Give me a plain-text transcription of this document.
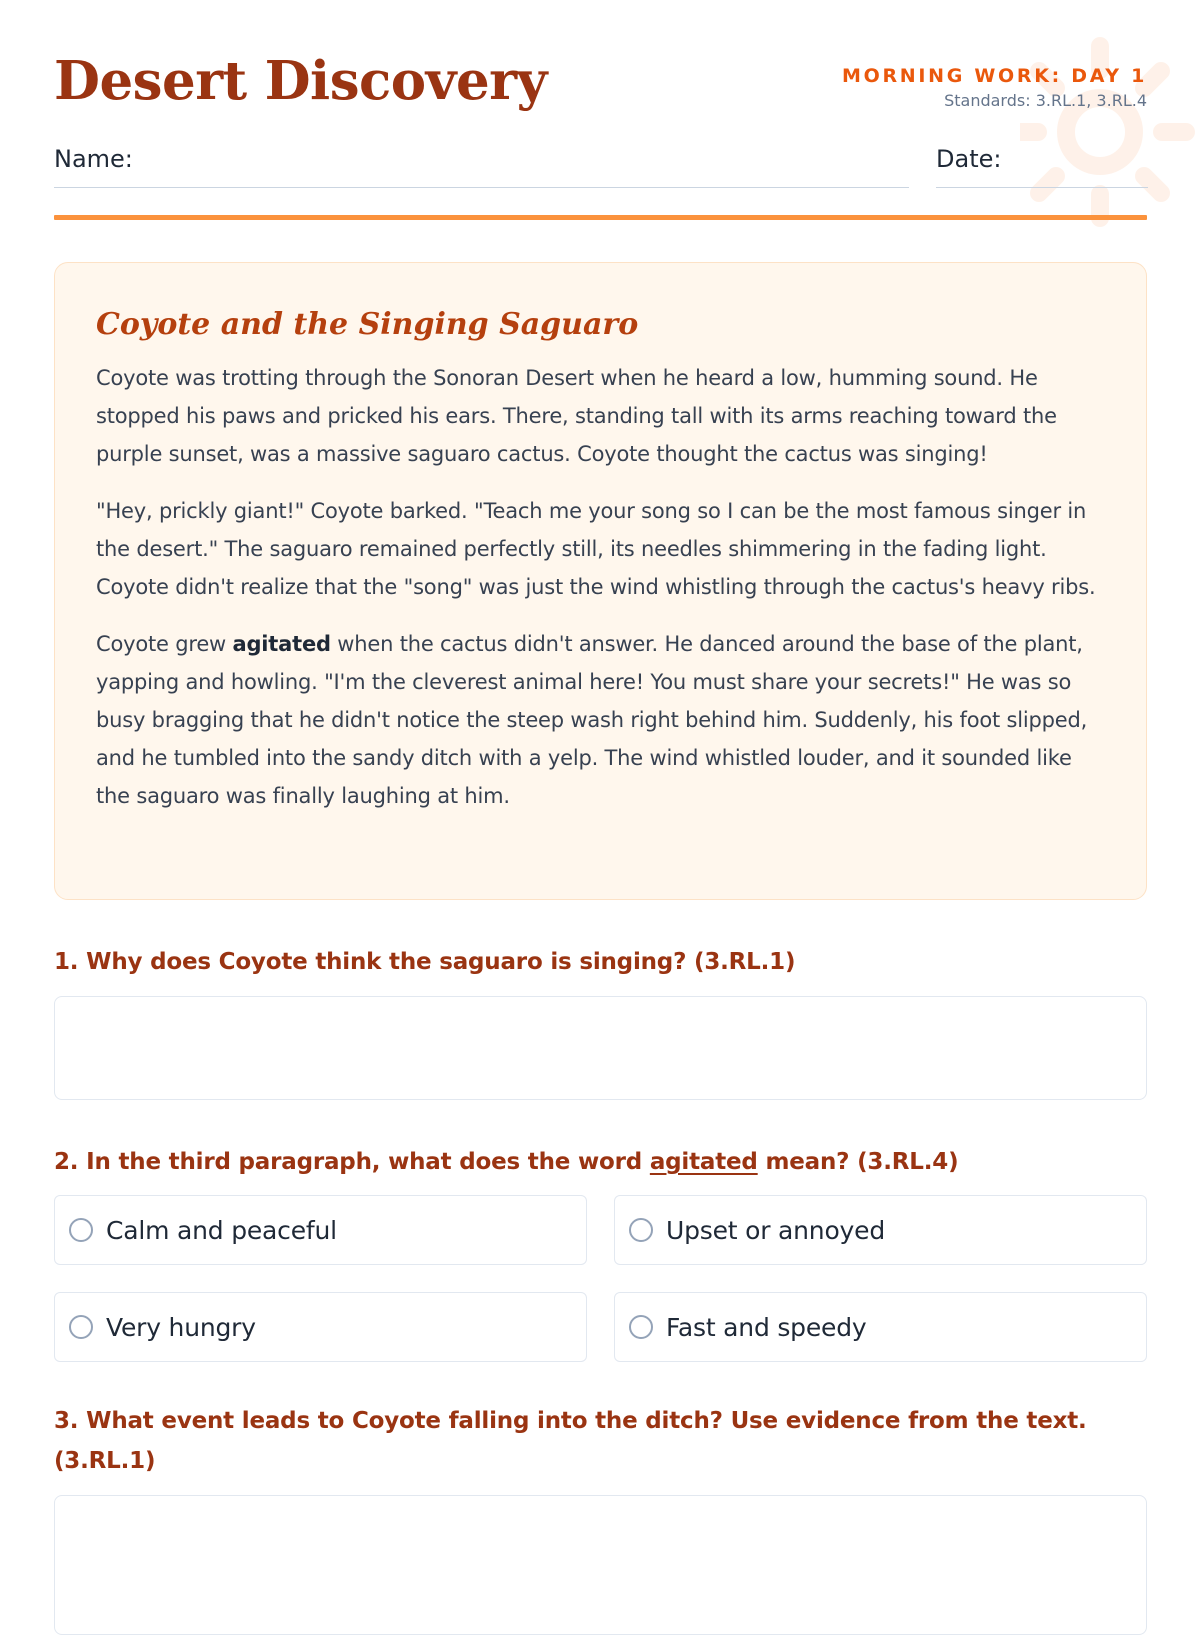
Desert Discovery	MORNING WORK: DAY 1
Standards: 3.RL.1, 3.RL.4
Name:	Date:
Coyote and the Singing Saguaro

Coyote was trotting through the Sonoran Desert when he heard a low, humming sound. He stopped his paws and pricked his ears. There, standing tall with its arms reaching toward the purple sunset, was a massive saguaro cactus. Coyote thought the cactus was singing!

"Hey, prickly giant!" Coyote barked. "Teach me your song so I can be the most famous singer in the desert." The saguaro remained perfectly still, its needles shimmering in the fading light. Coyote didn't realize that the "song" was just the wind whistling through the cactus's heavy ribs.

Coyote grew agitated when the cactus didn't answer. He danced around the base of the plant, yapping and howling. "I'm the cleverest animal here! You must share your secrets!" He was so busy bragging that he didn't notice the steep wash right behind him. Suddenly, his foot slipped, and he tumbled into the sandy ditch with a yelp. The wind whistled louder, and it sounded like the saguaro was finally laughing at him.

1. Why does Coyote think the saguaro is singing? (3.RL.1)

2. In the third paragraph, what does the word agitated mean? (3.RL.4)

Calm and peaceful	Upset or annoyed
Very hungry	Fast and speedy

3. What event leads to Coyote falling into the ditch? Use evidence from the text. (3.RL.1)
